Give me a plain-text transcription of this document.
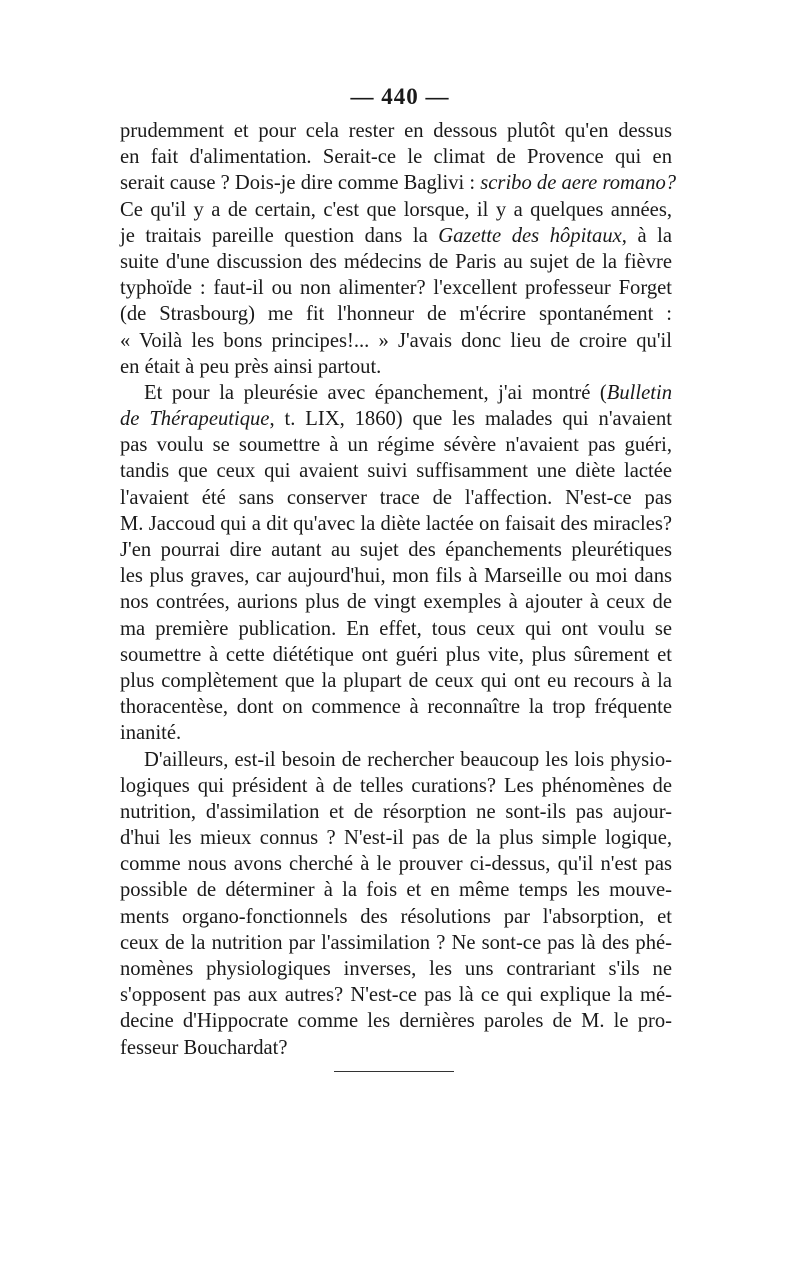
— 440 —
prudemment et pour cela rester en dessous plutôt qu'en dessus
en fait d'alimentation. Serait-ce le climat de Provence qui en
serait cause ? Dois-je dire comme Baglivi : scribo de aere romano?
Ce qu'il y a de certain, c'est que lorsque, il y a quelques années,
je traitais pareille question dans la Gazette des hôpitaux, à la
suite d'une discussion des médecins de Paris au sujet de la fièvre
typhoïde : faut-il ou non alimenter? l'excellent professeur Forget
(de Strasbourg) me fit l'honneur de m'écrire spontanément :
« Voilà les bons principes!... » J'avais donc lieu de croire qu'il
en était à peu près ainsi partout.
Et pour la pleurésie avec épanchement, j'ai montré (Bulletin
de Thérapeutique, t. LIX, 1860) que les malades qui n'avaient
pas voulu se soumettre à un régime sévère n'avaient pas guéri,
tandis que ceux qui avaient suivi suffisamment une diète lactée
l'avaient été sans conserver trace de l'affection. N'est-ce pas
M. Jaccoud qui a dit qu'avec la diète lactée on faisait des miracles?
J'en pourrai dire autant au sujet des épanchements pleurétiques
les plus graves, car aujourd'hui, mon fils à Marseille ou moi dans
nos contrées, aurions plus de vingt exemples à ajouter à ceux de
ma première publication. En effet, tous ceux qui ont voulu se
soumettre à cette diététique ont guéri plus vite, plus sûrement et
plus complètement que la plupart de ceux qui ont eu recours à la
thoracentèse, dont on commence à reconnaître la trop fréquente
inanité.
D'ailleurs, est-il besoin de rechercher beaucoup les lois physio-
logiques qui président à de telles curations? Les phénomènes de
nutrition, d'assimilation et de résorption ne sont-ils pas aujour-
d'hui les mieux connus ? N'est-il pas de la plus simple logique,
comme nous avons cherché à le prouver ci-dessus, qu'il n'est pas
possible de déterminer à la fois et en même temps les mouve-
ments organo-fonctionnels des résolutions par l'absorption, et
ceux de la nutrition par l'assimilation ? Ne sont-ce pas là des phé-
nomènes physiologiques inverses, les uns contrariant s'ils ne
s'opposent pas aux autres? N'est-ce pas là ce qui explique la mé-
decine d'Hippocrate comme les dernières paroles de M. le pro-
fesseur Bouchardat?
